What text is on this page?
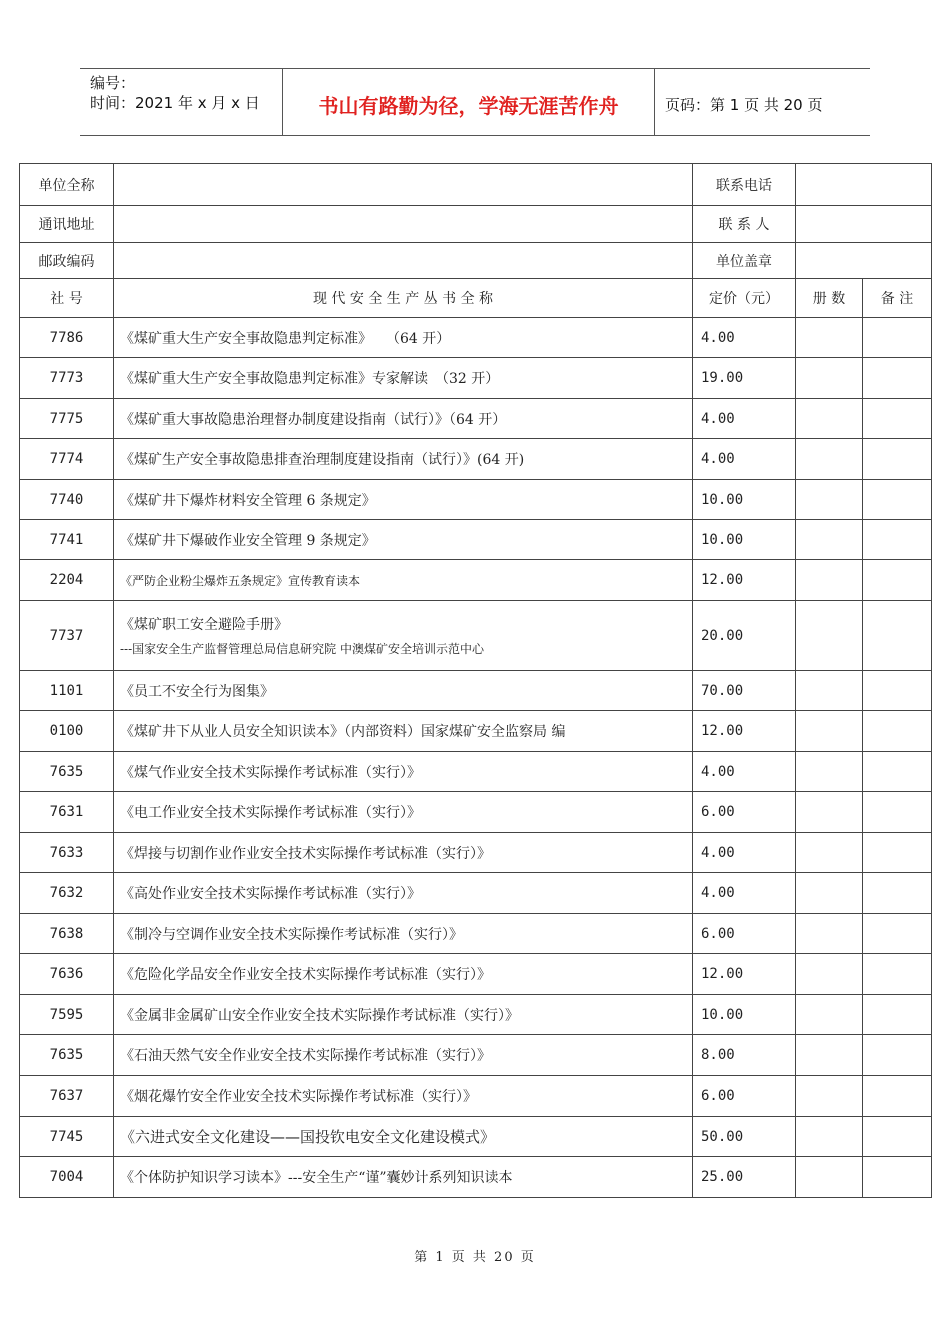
编号：
时间：2021 年 x 月 x 日	书山有路勤为径，学海无涯苦作舟	页码：第 1 页 共 20 页
单位全称		联系电话		
通讯地址		联 系 人		
邮政编码		单位盖章		
社 号	现 代 安 全 生 产 丛 书 全 称	定价（元）	册 数	备 注
7786	《煤矿重大生产安全事故隐患判定标准》　　（64 开）	4.00		
7773	《煤矿重大生产安全事故隐患判定标准》专家解读　（32 开）	19.00		
7775	《煤矿重大事故隐患治理督办制度建设指南（试行）》（64 开）	4.00		
7774	《煤矿生产安全事故隐患排查治理制度建设指南（试行）》(64 开)	4.00		
7740	《煤矿井下爆炸材料安全管理 6 条规定》	10.00		
7741	《煤矿井下爆破作业安全管理 9 条规定》	10.00		
2204	《严防企业粉尘爆炸五条规定》宣传教育读本	12.00		
7737	《煤矿职工安全避险手册》
---国家安全生产监督管理总局信息研究院 中澳煤矿安全培训示范中心	20.00		
1101	《员工不安全行为图集》	70.00		
0100	《煤矿井下从业人员安全知识读本》（内部资料）国家煤矿安全监察局 编	12.00		
7635	《煤气作业安全技术实际操作考试标准（实行）》	4.00		
7631	《电工作业安全技术实际操作考试标准（实行）》	6.00		
7633	《焊接与切割作业作业安全技术实际操作考试标准（实行）》	4.00		
7632	《高处作业安全技术实际操作考试标准（实行）》	4.00		
7638	《制冷与空调作业安全技术实际操作考试标准（实行）》	6.00		
7636	《危险化学品安全作业安全技术实际操作考试标准（实行）》	12.00		
7595	《金属非金属矿山安全作业安全技术实际操作考试标准（实行）》	10.00		
7635	《石油天然气安全作业安全技术实际操作考试标准（实行）》	8.00		
7637	《烟花爆竹安全作业安全技术实际操作考试标准（实行）》	6.00		
7745	《六进式安全文化建设——国投钦电安全文化建设模式》	50.00		
7004	《个体防护知识学习读本》---安全生产“谨”囊妙计系列知识读本	25.00		
第 1 页 共 20 页
